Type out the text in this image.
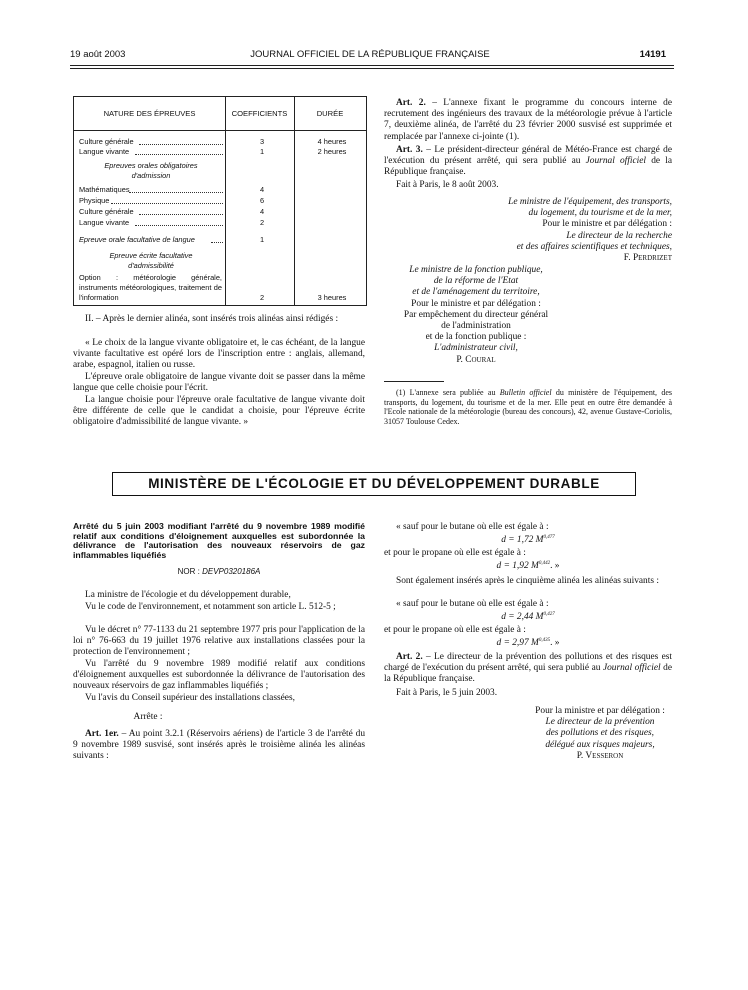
19 août 2003	JOURNAL OFFICIEL DE LA RÉPUBLIQUE FRANÇAISE	14191
NATURE DES ÉPREUVES	COEFFICIENTS	DURÉE
Culture générale	3	4 heures
Langue vivante	1	2 heures
Epreuves orales obligatoires d'admission
Mathématiques	4
Physique	6
Culture générale	4
Langue vivante	2
Epreuve orale facultative de langue	1
Epreuve écrite facultative d'admissibilité
Option : météorologie générale, instruments météorologiques, traitement de l'information	2	3 heures
II. – Après le dernier alinéa, sont insérés trois alinéas ainsi rédigés :
« Le choix de la langue vivante obligatoire et, le cas échéant, de la langue vivante facultative est opéré lors de l'inscription entre : anglais, allemand, arabe, espagnol, italien ou russe.
L'épreuve orale obligatoire de langue vivante doit se passer dans la même langue que celle choisie pour l'écrit.
La langue choisie pour l'épreuve orale facultative de langue vivante doit être différente de celle que le candidat a choisie, pour l'épreuve écrite obligatoire d'admissibilité de langue vivante. »
Art. 2. – L'annexe fixant le programme du concours interne de recrutement des ingénieurs des travaux de la météorologie prévue à l'article 7, deuxième alinéa, de l'arrêté du 23 février 2000 susvisé est supprimée et remplacée par l'annexe ci-jointe (1).
Art. 3. – Le président-directeur général de Météo-France est chargé de l'exécution du présent arrêté, qui sera publié au Journal officiel de la République française.
Fait à Paris, le 8 août 2003.
Le ministre de l'équipement, des transports,
du logement, du tourisme et de la mer,
Pour le ministre et par délégation :
Le directeur de la recherche
et des affaires scientifiques et techniques,
F. Perdrizet
Le ministre de la fonction publique,
de la réforme de l'Etat
et de l'aménagement du territoire,
Pour le ministre et par délégation :
Par empêchement du directeur général
de l'administration
et de la fonction publique :
L'administrateur civil,
P. Coural
(1) L'annexe sera publiée au Bulletin officiel du ministère de l'équipement, des transports, du logement, du tourisme et de la mer. Elle peut en outre être demandée à l'Ecole nationale de la météorologie (bureau des concours), 42, avenue Gustave-Coriolis, 31057 Toulouse Cedex.
MINISTÈRE DE L'ÉCOLOGIE ET DU DÉVELOPPEMENT DURABLE
Arrêté du 5 juin 2003 modifiant l'arrêté du 9 novembre 1989 modifié relatif aux conditions d'éloignement auxquelles est subordonnée la délivrance de l'autorisation des nouveaux réservoirs de gaz inflammables liquéfiés
NOR : DEVP0320186A
La ministre de l'écologie et du développement durable,
Vu le code de l'environnement, et notamment son article L. 512-5 ;
Vu le décret n° 77-1133 du 21 septembre 1977 pris pour l'application de la loi n° 76-663 du 19 juillet 1976 relative aux installations classées pour la protection de l'environnement ;
Vu l'arrêté du 9 novembre 1989 modifié relatif aux conditions d'éloignement auxquelles est subordonnée la délivrance de l'autorisation des nouveaux réservoirs de gaz inflammables liquéfiés ;
Vu l'avis du Conseil supérieur des installations classées,
Arrête :
Art. 1er. – Au point 3.2.1 (Réservoirs aériens) de l'article 3 de l'arrêté du 9 novembre 1989 susvisé, sont insérés après le troisième alinéa les alinéas suivants :
« sauf pour le butane où elle est égale à :
d = 1,72 M$^{0,477}$
et pour le propane où elle est égale à :
d = 1,92 M$^{0,442}$. »
Sont également insérés après le cinquième alinéa les alinéas suivants :
« sauf pour le butane où elle est égale à :
d = 2,44 M$^{0,427}$
et pour le propane où elle est égale à :
d = 2,97 M$^{0,435}$. »
Art. 2. – Le directeur de la prévention des pollutions et des risques est chargé de l'exécution du présent arrêté, qui sera publié au Journal officiel de la République française.
Fait à Paris, le 5 juin 2003.
Pour la ministre et par délégation :
Le directeur de la prévention
des pollutions et des risques,
délégué aux risques majeurs,
P. Vesseron
